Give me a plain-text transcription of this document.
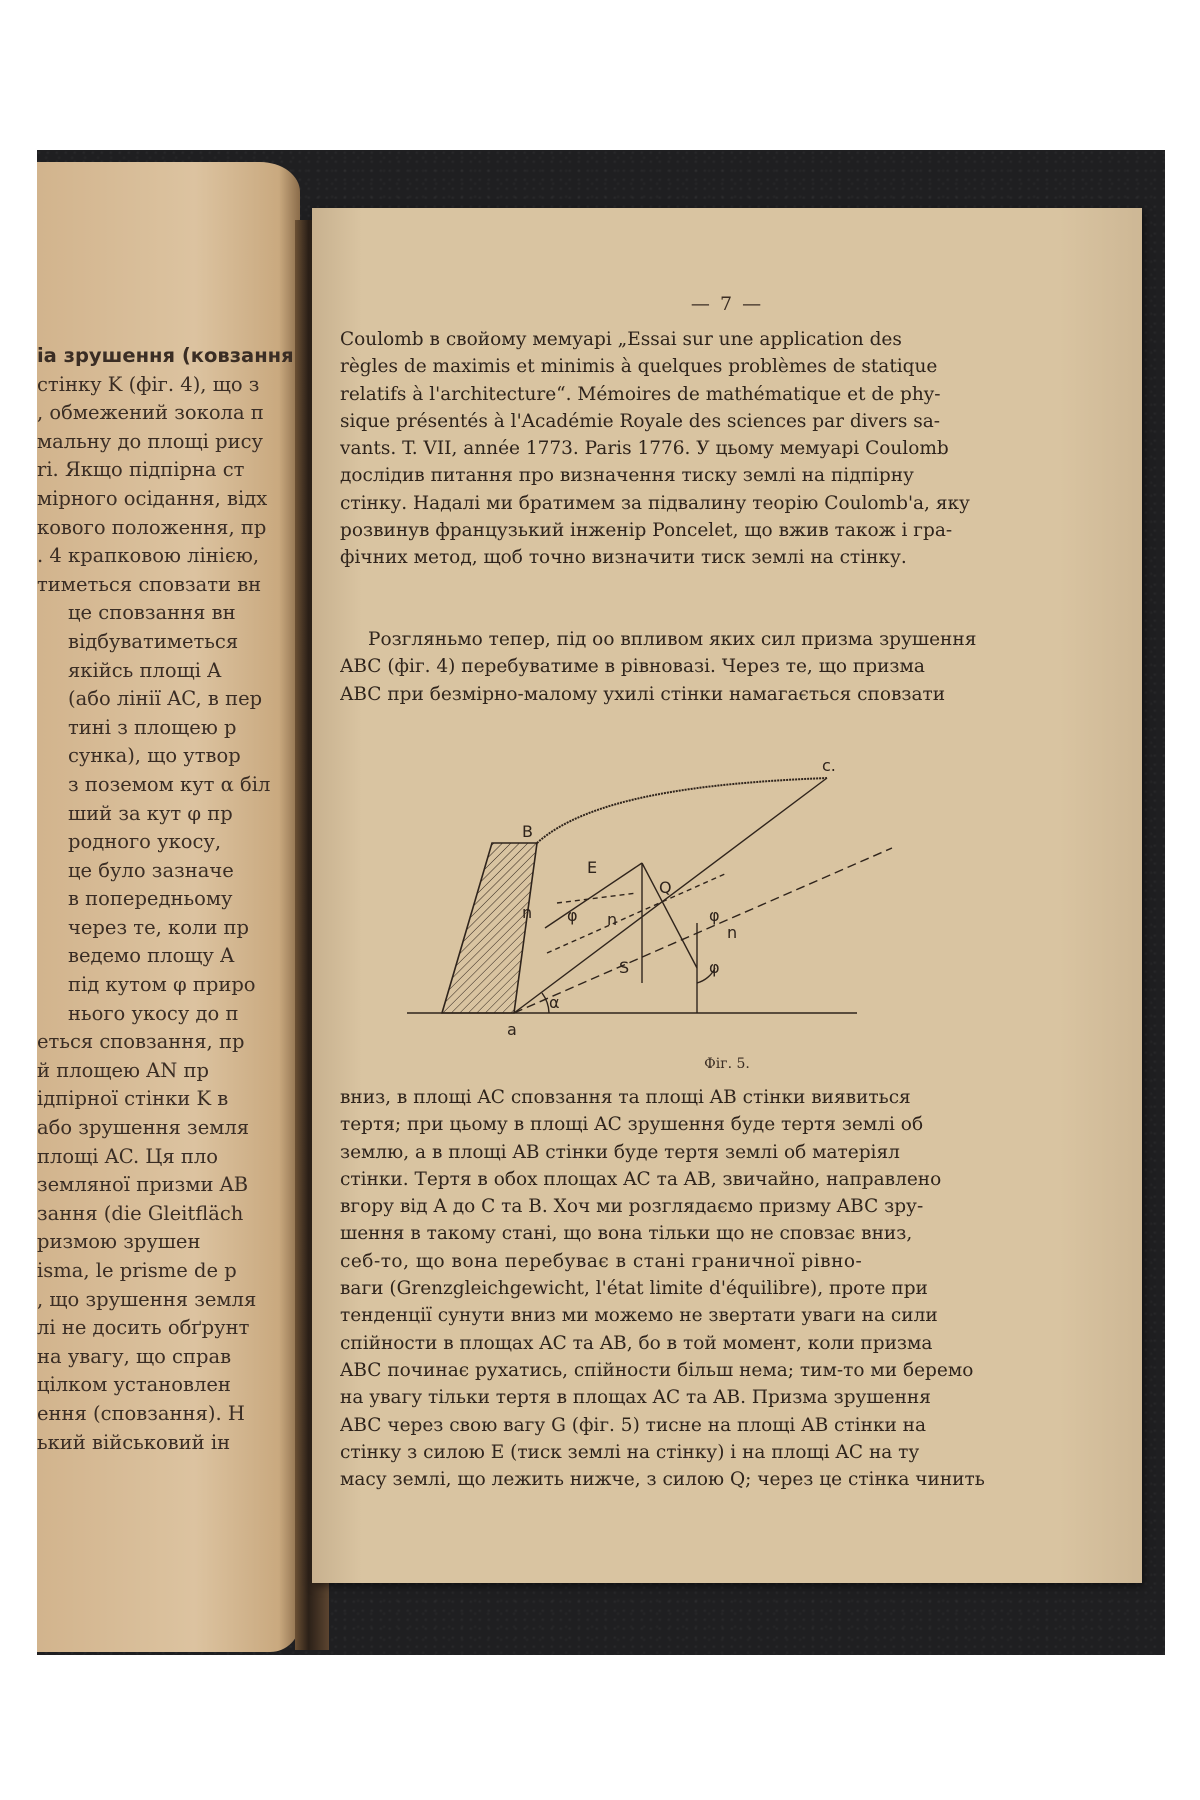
ia зрушення (ковзання
стінку K (фіг. 4), що з
, обмежений зокола п
мальну до площі рису
ri. Якщо підпірна ст
мірного осідання, відх
кового положення, пр
. 4 крапковою лінією,
тиметься сповзати вн
це сповзання вн
відбуватиметься
якійсь площі A
(або лінії AC, в пер
тині з площею р
сунка), що утвор
з поземом кут α біл
ший за кут φ пр
родного укосу,
це було зазначе
в попередньому
через те, коли пр
ведемо площу A
під кутом φ приро
нього укосу до п
еться сповзання, пр
й площею AN пр
ідпірної стінки K в
або зрушення земля
площі AC. Ця пло
земляної призми AB
зання (die Gleitfläch
ризмою зрушен
isma, le prisme de p
, що зрушення земля
лі не досить обґрунт
на увагу, що справ
цілком установлен
ення (сповзання). Н
ький військовий ін
— 7 —
Coulomb в свойому мемуарі „Essai sur une application des
règles de maximis et minimis à quelques problèmes de statique
relatifs à l'architecture“. Mémoires de mathématique et de phy-
sique présentés à l'Académie Royale des sciences par divers sa-
vants. T. VII, année 1773. Paris 1776. У цьому мемуарі Coulomb
дослідив питання про визначення тиску землі на підпірну
стінку. Надалі ми братимем за підвалину теорію Coulomb'а, яку
розвинув французький інженір Poncelet, що вжив також і гра-
фічних метод, щоб точно визначити тиск землі на стінку.
Розгляньмо тепер, під оо впливом яких сил призма зрушення
ABC (фіг. 4) перебуватиме в рівновазі. Через те, що призма
ABC при безмірно-малому ухилі стінки намагається сповзати
B
c.
a
E
Q
S
n	n
n
φ	φ
φ
α
Фіг. 5.
вниз, в площі AC сповзання та площі AB стінки виявиться
тертя; при цьому в площі AC зрушення буде тертя землі об
землю, а в площі AB стінки буде тертя землі об матеріял
стінки. Тертя в обох площах AC та AB, звичайно, направлено
вгору від A до C та B. Хоч ми розглядаємо призму ABC зру-
шення в такому стані, що вона тільки що не сповзає вниз,
себ-то, що вона перебуває в стані граничної рівно-
ваги (Grenzgleichgewicht, l'état limite d'équilibre), проте при
тенденції сунути вниз ми можемо не звертати уваги на сили
спійности в площах AC та AB, бо в той момент, коли призма
ABC починає рухатись, спійности більш нема; тим-то ми беремо
на увагу тільки тертя в площах AC та AB. Призма зрушення
ABC через свою вагу G (фіг. 5) тисне на площі AB стінки на
стінку з силою E (тиск землі на стінку) і на площі AC на ту
масу землі, що лежить нижче, з силою Q; через це стінка чинить
